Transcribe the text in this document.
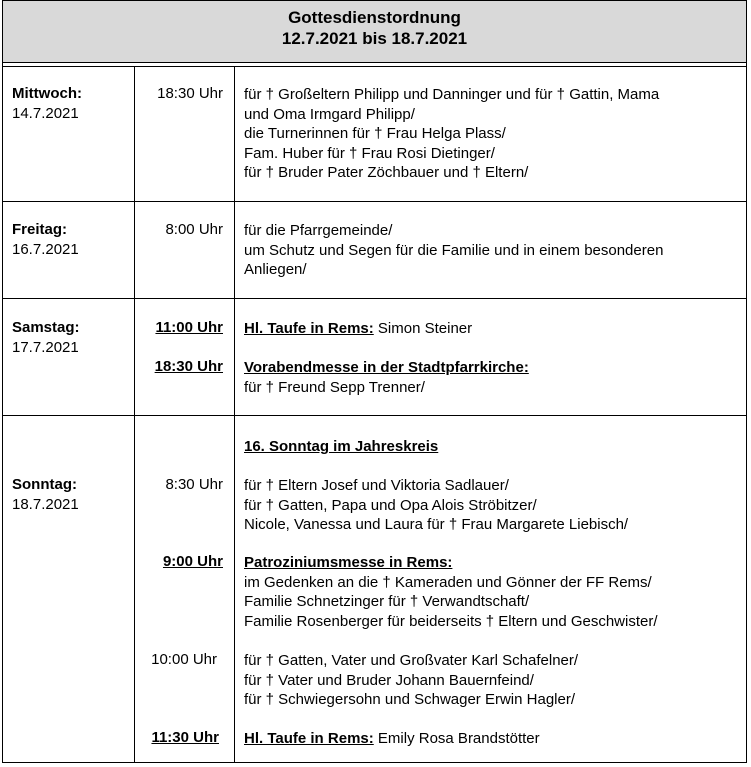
Gottesdienstordnung
12.7.2021 bis 18.7.2021
Mittwoch:
14.7.2021
18:30 Uhr für † Großeltern Philipp und Danninger und für † Gattin, Mama
und Oma Irmgard Philipp/
die Turnerinnen für † Frau Helga Plass/
Fam. Huber für † Frau Rosi Dietinger/
für † Bruder Pater Zöchbauer und † Eltern/
Freitag:
16.7.2021
8:00 Uhr für die Pfarrgemeinde/
um Schutz und Segen für die Familie und in einem besonderen
Anliegen/
Samstag:
17.7.2021
11:00 Uhr Hl. Taufe in Rems: Simon Steiner
18:30 Uhr Vorabendmesse in der Stadtpfarrkirche:
für † Freund Sepp Trenner/
Sonntag:
18.7.2021
16. Sonntag im Jahreskreis
8:30 Uhr für † Eltern Josef und Viktoria Sadlauer/
für † Gatten, Papa und Opa Alois Ströbitzer/
Nicole, Vanessa und Laura für † Frau Margarete Liebisch/
9:00 Uhr Patroziniumsmesse in Rems:
im Gedenken an die † Kameraden und Gönner der FF Rems/
Familie Schnetzinger für † Verwandtschaft/
Familie Rosenberger für beiderseits † Eltern und Geschwister/
10:00 Uhr für † Gatten, Vater und Großvater Karl Schafelner/
für † Vater und Bruder Johann Bauernfeind/
für † Schwiegersohn und Schwager Erwin Hagler/
11:30 Uhr Hl. Taufe in Rems: Emily Rosa Brandstötter
